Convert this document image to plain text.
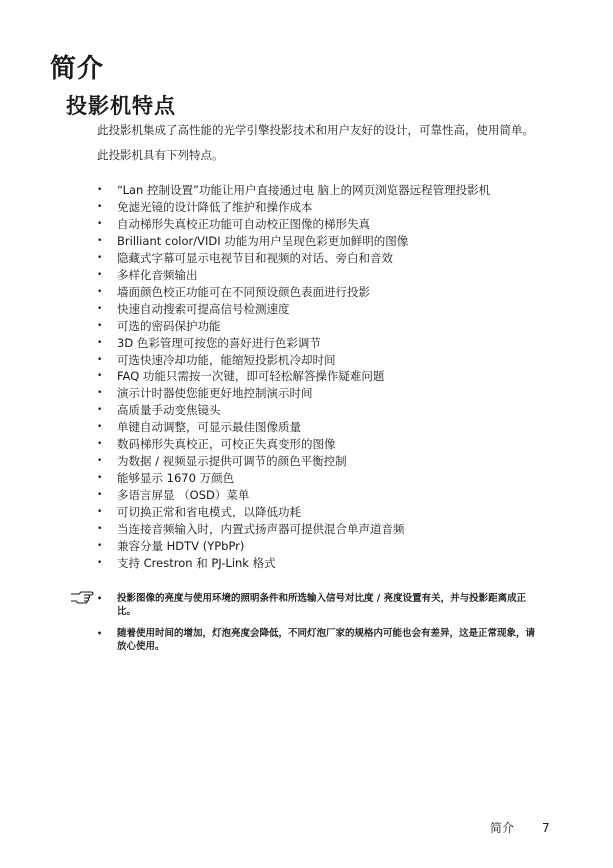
简介
投影机特点

此投影机集成了高性能的光学引擎投影技术和用户友好的设计，可靠性高，使用简单。

此投影机具有下列特点。

• “Lan 控制设置”功能让用户直接通过电 脑上的网页浏览器远程管理投影机
• 免滤光镜的设计降低了维护和操作成本
• 自动梯形失真校正功能可自动校正图像的梯形失真
• Brilliant color/VIDI 功能为用户呈现色彩更加鲜明的图像
• 隐藏式字幕可显示电视节目和视频的对话、旁白和音效
• 多样化音频输出
• 墙面颜色校正功能可在不同预设颜色表面进行投影
• 快速自动搜索可提高信号检测速度
• 可选的密码保护功能
• 3D 色彩管理可按您的喜好进行色彩调节
• 可选快速冷却功能，能缩短投影机冷却时间
• FAQ 功能只需按一次键，即可轻松解答操作疑难问题
• 演示计时器使您能更好地控制演示时间
• 高质量手动变焦镜头
• 单键自动调整，可显示最佳图像质量
• 数码梯形失真校正，可校正失真变形的图像
• 为数据 / 视频显示提供可调节的颜色平衡控制
• 能够显示 1670 万颜色
• 多语言屏显 （OSD）菜单
• 可切换正常和省电模式，以降低功耗
• 当连接音频输入时，内置式扬声器可提供混合单声道音频
• 兼容分量 HDTV (YPbPr)
• 支持 Crestron 和 PJ-Link 格式
• 投影图像的亮度与使用环境的照明条件和所选输入信号对比度 / 亮度设置有关，并与投影距离成正比。
• 随着使用时间的增加，灯泡亮度会降低，不同灯泡厂家的规格内可能也会有差异，这是正常现象，请放心使用。
简介 7
